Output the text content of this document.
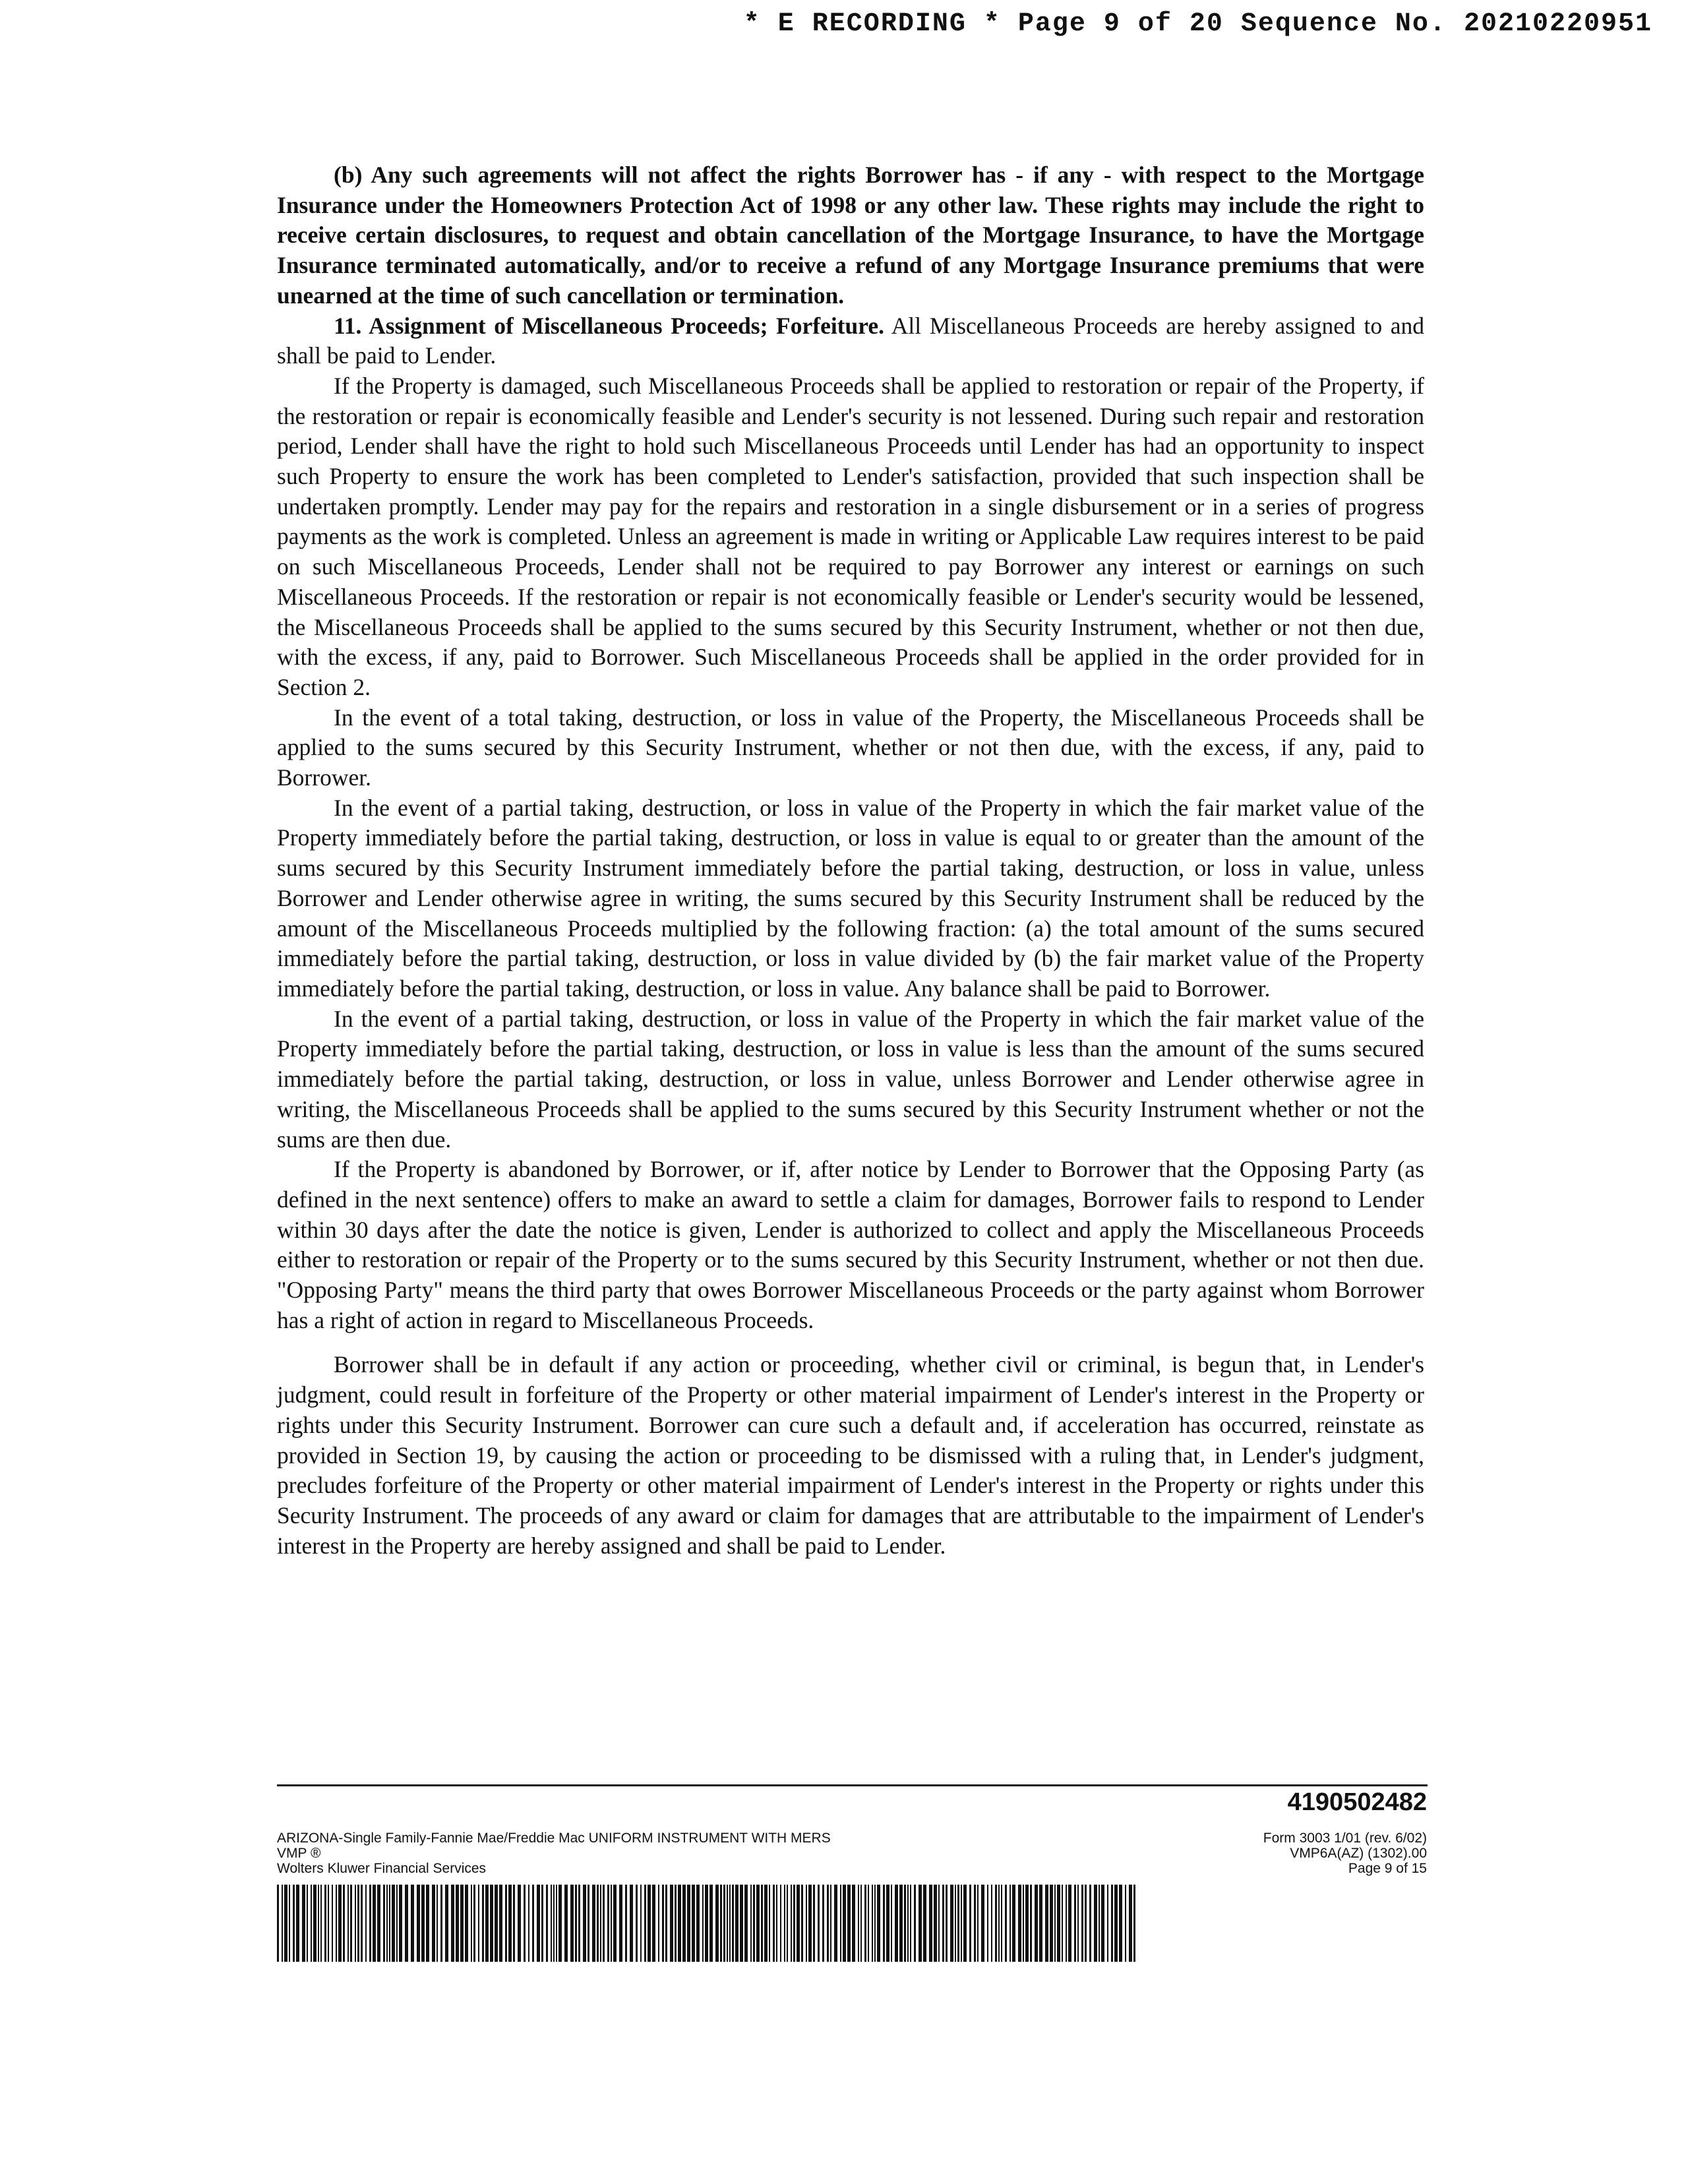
* E RECORDING * Page 9 of 20 Sequence No. 20210220951

(b) Any such agreements will not affect the rights Borrower has - if any - with respect to the Mortgage Insurance under the Homeowners Protection Act of 1998 or any other law. These rights may include the right to receive certain disclosures, to request and obtain cancellation of the Mortgage Insurance, to have the Mortgage Insurance terminated automatically, and/or to receive a refund of any Mortgage Insurance premiums that were unearned at the time of such cancellation or termination.

11. Assignment of Miscellaneous Proceeds; Forfeiture. All Miscellaneous Proceeds are hereby assigned to and shall be paid to Lender.

If the Property is damaged, such Miscellaneous Proceeds shall be applied to restoration or repair of the Property, if the restoration or repair is economically feasible and Lender's security is not lessened. During such repair and restoration period, Lender shall have the right to hold such Miscellaneous Proceeds until Lender has had an opportunity to inspect such Property to ensure the work has been completed to Lender's satisfaction, provided that such inspection shall be undertaken promptly. Lender may pay for the repairs and restoration in a single disbursement or in a series of progress payments as the work is completed. Unless an agreement is made in writing or Applicable Law requires interest to be paid on such Miscellaneous Proceeds, Lender shall not be required to pay Borrower any interest or earnings on such Miscellaneous Proceeds. If the restoration or repair is not economically feasible or Lender's security would be lessened, the Miscellaneous Proceeds shall be applied to the sums secured by this Security Instrument, whether or not then due, with the excess, if any, paid to Borrower. Such Miscellaneous Proceeds shall be applied in the order provided for in Section 2.

In the event of a total taking, destruction, or loss in value of the Property, the Miscellaneous Proceeds shall be applied to the sums secured by this Security Instrument, whether or not then due, with the excess, if any, paid to Borrower.

In the event of a partial taking, destruction, or loss in value of the Property in which the fair market value of the Property immediately before the partial taking, destruction, or loss in value is equal to or greater than the amount of the sums secured by this Security Instrument immediately before the partial taking, destruction, or loss in value, unless Borrower and Lender otherwise agree in writing, the sums secured by this Security Instrument shall be reduced by the amount of the Miscellaneous Proceeds multiplied by the following fraction: (a) the total amount of the sums secured immediately before the partial taking, destruction, or loss in value divided by (b) the fair market value of the Property immediately before the partial taking, destruction, or loss in value. Any balance shall be paid to Borrower.

In the event of a partial taking, destruction, or loss in value of the Property in which the fair market value of the Property immediately before the partial taking, destruction, or loss in value is less than the amount of the sums secured immediately before the partial taking, destruction, or loss in value, unless Borrower and Lender otherwise agree in writing, the Miscellaneous Proceeds shall be applied to the sums secured by this Security Instrument whether or not the sums are then due.

If the Property is abandoned by Borrower, or if, after notice by Lender to Borrower that the Opposing Party (as defined in the next sentence) offers to make an award to settle a claim for damages, Borrower fails to respond to Lender within 30 days after the date the notice is given, Lender is authorized to collect and apply the Miscellaneous Proceeds either to restoration or repair of the Property or to the sums secured by this Security Instrument, whether or not then due. "Opposing Party" means the third party that owes Borrower Miscellaneous Proceeds or the party against whom Borrower has a right of action in regard to Miscellaneous Proceeds.

Borrower shall be in default if any action or proceeding, whether civil or criminal, is begun that, in Lender's judgment, could result in forfeiture of the Property or other material impairment of Lender's interest in the Property or rights under this Security Instrument. Borrower can cure such a default and, if acceleration has occurred, reinstate as provided in Section 19, by causing the action or proceeding to be dismissed with a ruling that, in Lender's judgment, precludes forfeiture of the Property or other material impairment of Lender's interest in the Property or rights under this Security Instrument. The proceeds of any award or claim for damages that are attributable to the impairment of Lender's interest in the Property are hereby assigned and shall be paid to Lender.

4190502482
ARIZONA-Single Family-Fannie Mae/Freddie Mac UNIFORM INSTRUMENT WITH MERS
VMP ®
Wolters Kluwer Financial Services
Form 3003 1/01 (rev. 6/02)
VMP6A(AZ) (1302).00
Page 9 of 15
